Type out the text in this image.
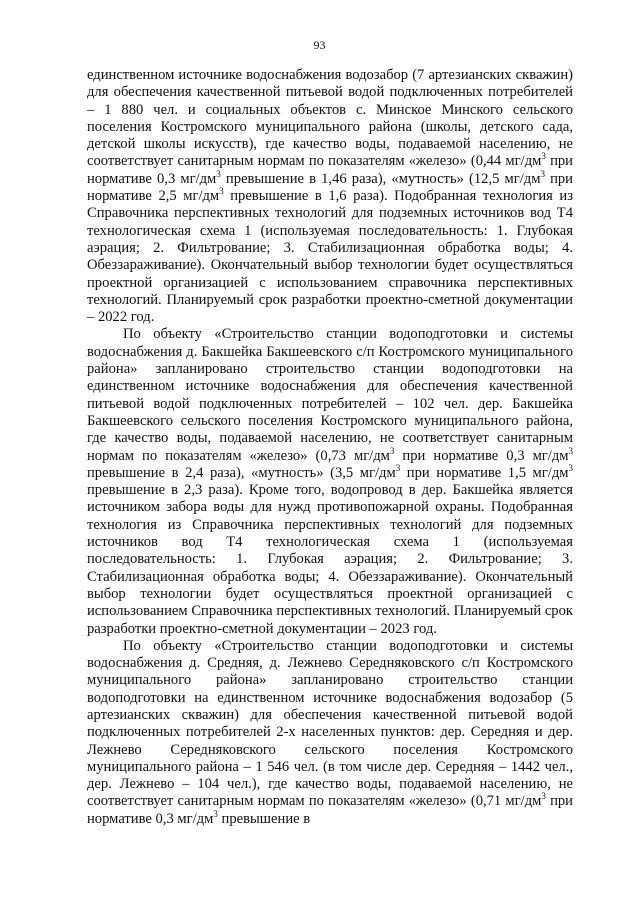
93

единственном источнике водоснабжения водозабор (7 артезианских скважин) для обеспечения качественной питьевой водой подключенных потребителей – 1 880 чел. и социальных объектов с. Минское Минского сельского поселения Костромского муниципального района (школы, детского сада, детской школы искусств), где качество воды, подаваемой населению, не соответствует санитарным нормам по показателям «железо» (0,44 $мг/дм^3$ при нормативе 0,3 $мг/дм^3$ превышение в 1,46 раза), «мутность» (12,5 $мг/дм^3$ при нормативе 2,5 $мг/дм^3$ превышение в 1,6 раза). Подобранная технология из Справочника перспективных технологий для подземных источников вод Т4 технологическая схема 1 (используемая последовательность: 1. Глубокая аэрация; 2. Фильтрование; 3. Стабилизационная обработка воды; 4. Обеззараживание). Окончательный выбор технологии будет осуществляться проектной организацией с использованием справочника перспективных технологий. Планируемый срок разработки проектно-сметной документации – 2022 год.

По объекту «Строительство станции водоподготовки и системы водоснабжения д. Бакшейка Бакшеевского с/п Костромского муниципального района» запланировано строительство станции водоподготовки на единственном источнике водоснабжения для обеспечения качественной питьевой водой подключенных потребителей – 102 чел. дер. Бакшейка Бакшеевского сельского поселения Костромского муниципального района, где качество воды, подаваемой населению, не соответствует санитарным нормам по показателям «железо» (0,73 $мг/дм^3$ при нормативе 0,3 $мг/дм^3$ превышение в 2,4 раза), «мутность» (3,5 $мг/дм^3$ при нормативе 1,5 $мг/дм^3$ превышение в 2,3 раза). Кроме того, водопровод в дер. Бакшейка является источником забора воды для нужд противопожарной охраны. Подобранная технология из Справочника перспективных технологий для подземных источников вод Т4 технологическая схема 1 (используемая последовательность: 1. Глубокая аэрация; 2. Фильтрование; 3. Стабилизационная обработка воды; 4. Обеззараживание). Окончательный выбор технологии будет осуществляться проектной организацией с использованием Справочника перспективных технологий. Планируемый срок разработки проектно-сметной документации – 2023 год.

По объекту «Строительство станции водоподготовки и системы водоснабжения д. Средняя, д. Лежнево Середняковского с/п Костромского муниципального района» запланировано строительство станции водоподготовки на единственном источнике водоснабжения водозабор (5 артезианских скважин) для обеспечения качественной питьевой водой подключенных потребителей 2-х населенных пунктов: дер. Середняя и дер. Лежнево Середняковского сельского поселения Костромского муниципального района – 1 546 чел. (в том числе дер. Середняя – 1442 чел., дер. Лежнево – 104 чел.), где качество воды, подаваемой населению, не соответствует санитарным нормам по показателям «железо» (0,71 $мг/дм^3$ при нормативе 0,3 $мг/дм^3$ превышение в
